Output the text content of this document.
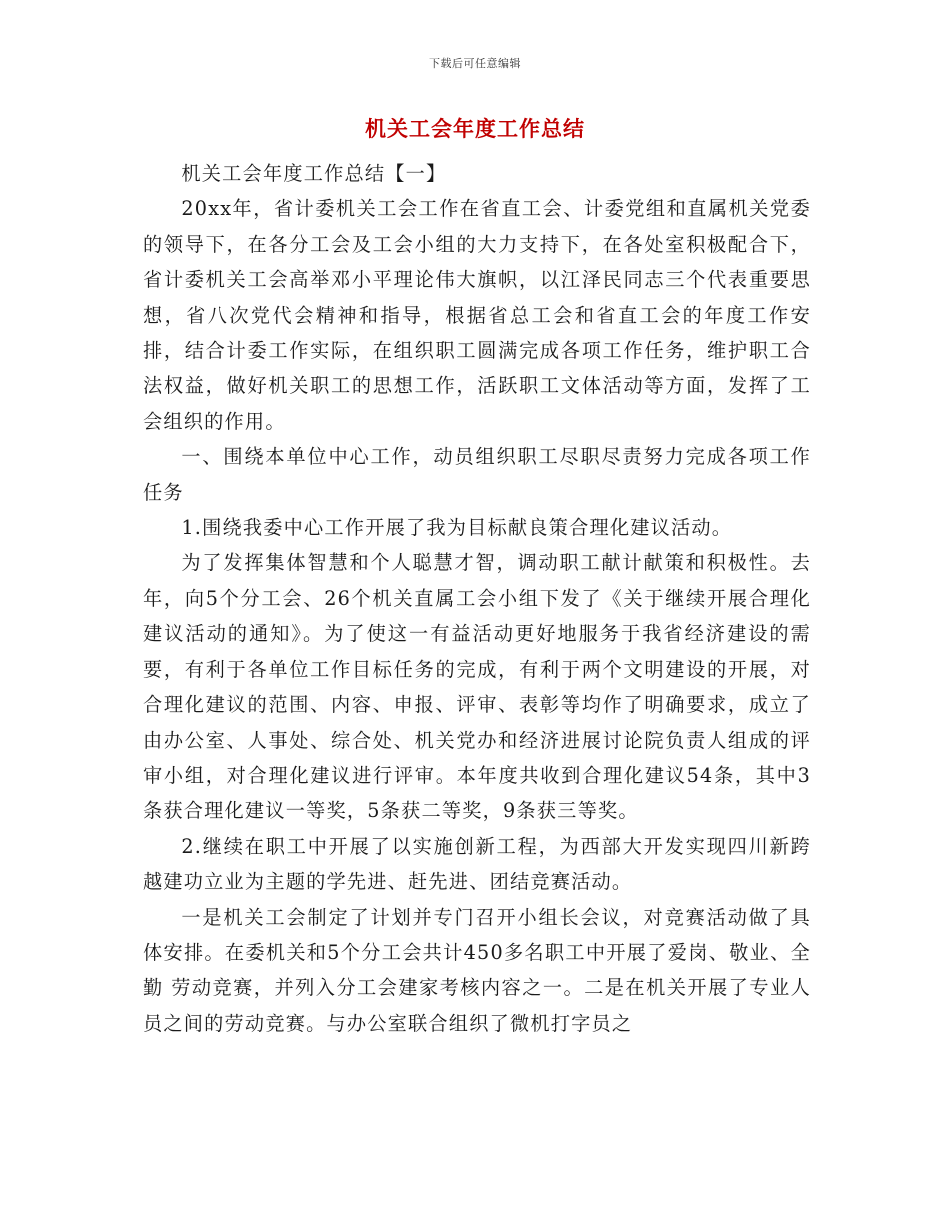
下载后可任意编辑
机关工会年度工作总结

机关工会年度工作总结【一】

20xx年，省计委机关工会工作在省直工会、计委党组和直属机关党委的领导下，在各分工会及工会小组的大力支持下，在各处室积极配合下，省计委机关工会高举邓小平理论伟大旗帜，以江泽民同志三个代表重要思想，省八次党代会精神和指导，根据省总工会和省直工会的年度工作安排，结合计委工作实际，在组织职工圆满完成各项工作任务，维护职工合法权益，做好机关职工的思想工作，活跃职工文体活动等方面，发挥了工会组织的作用。

一、围绕本单位中心工作，动员组织职工尽职尽责努力完成各项工作任务

1.围绕我委中心工作开展了我为目标献良策合理化建议活动。

为了发挥集体智慧和个人聪慧才智，调动职工献计献策和积极性。去年，向5个分工会、26个机关直属工会小组下发了《关于继续开展合理化建议活动的通知》。为了使这一有益活动更好地服务于我省经济建设的需要，有利于各单位工作目标任务的完成，有利于两个文明建设的开展，对合理化建议的范围、内容、申报、评审、表彰等均作了明确要求，成立了由办公室、人事处、综合处、机关党办和经济进展讨论院负责人组成的评审小组，对合理化建议进行评审。本年度共收到合理化建议54条，其中3条获合理化建议一等奖，5条获二等奖，9条获三等奖。

2.继续在职工中开展了以实施创新工程，为西部大开发实现四川新跨越建功立业为主题的学先进、赶先进、团结竞赛活动。

一是机关工会制定了计划并专门召开小组长会议，对竞赛活动做了具体安排。在委机关和5个分工会共计450多名职工中开展了爱岗、敬业、全勤 劳动竞赛，并列入分工会建家考核内容之一。二是在机关开展了专业人员之间的劳动竞赛。与办公室联合组织了微机打字员之
